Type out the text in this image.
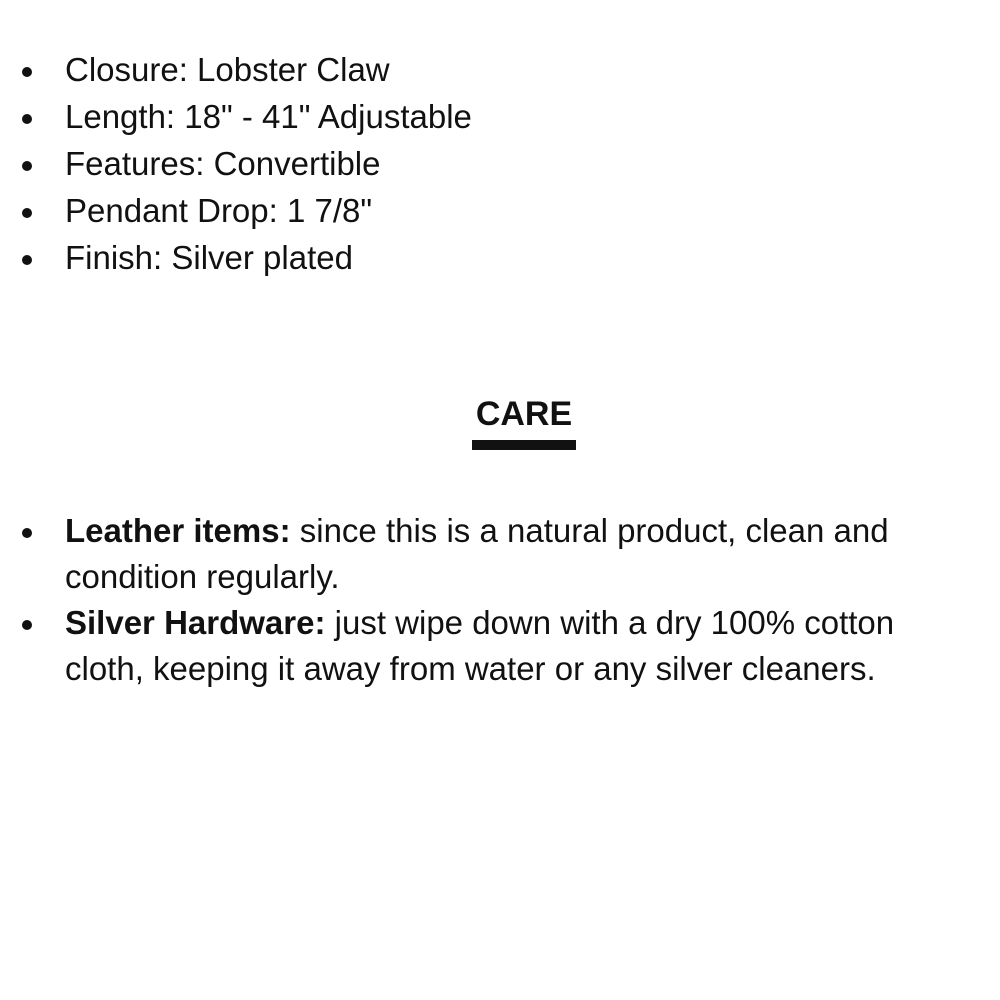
Closure: Lobster Claw
Length: 18" - 41" Adjustable
Features: Convertible
Pendant Drop: 1 7/8"
Finish: Silver plated
CARE
Leather items: since this is a natural product, clean and condition regularly.
Silver Hardware: just wipe down with a dry 100% cotton cloth, keeping it away from water or any silver cleaners.
